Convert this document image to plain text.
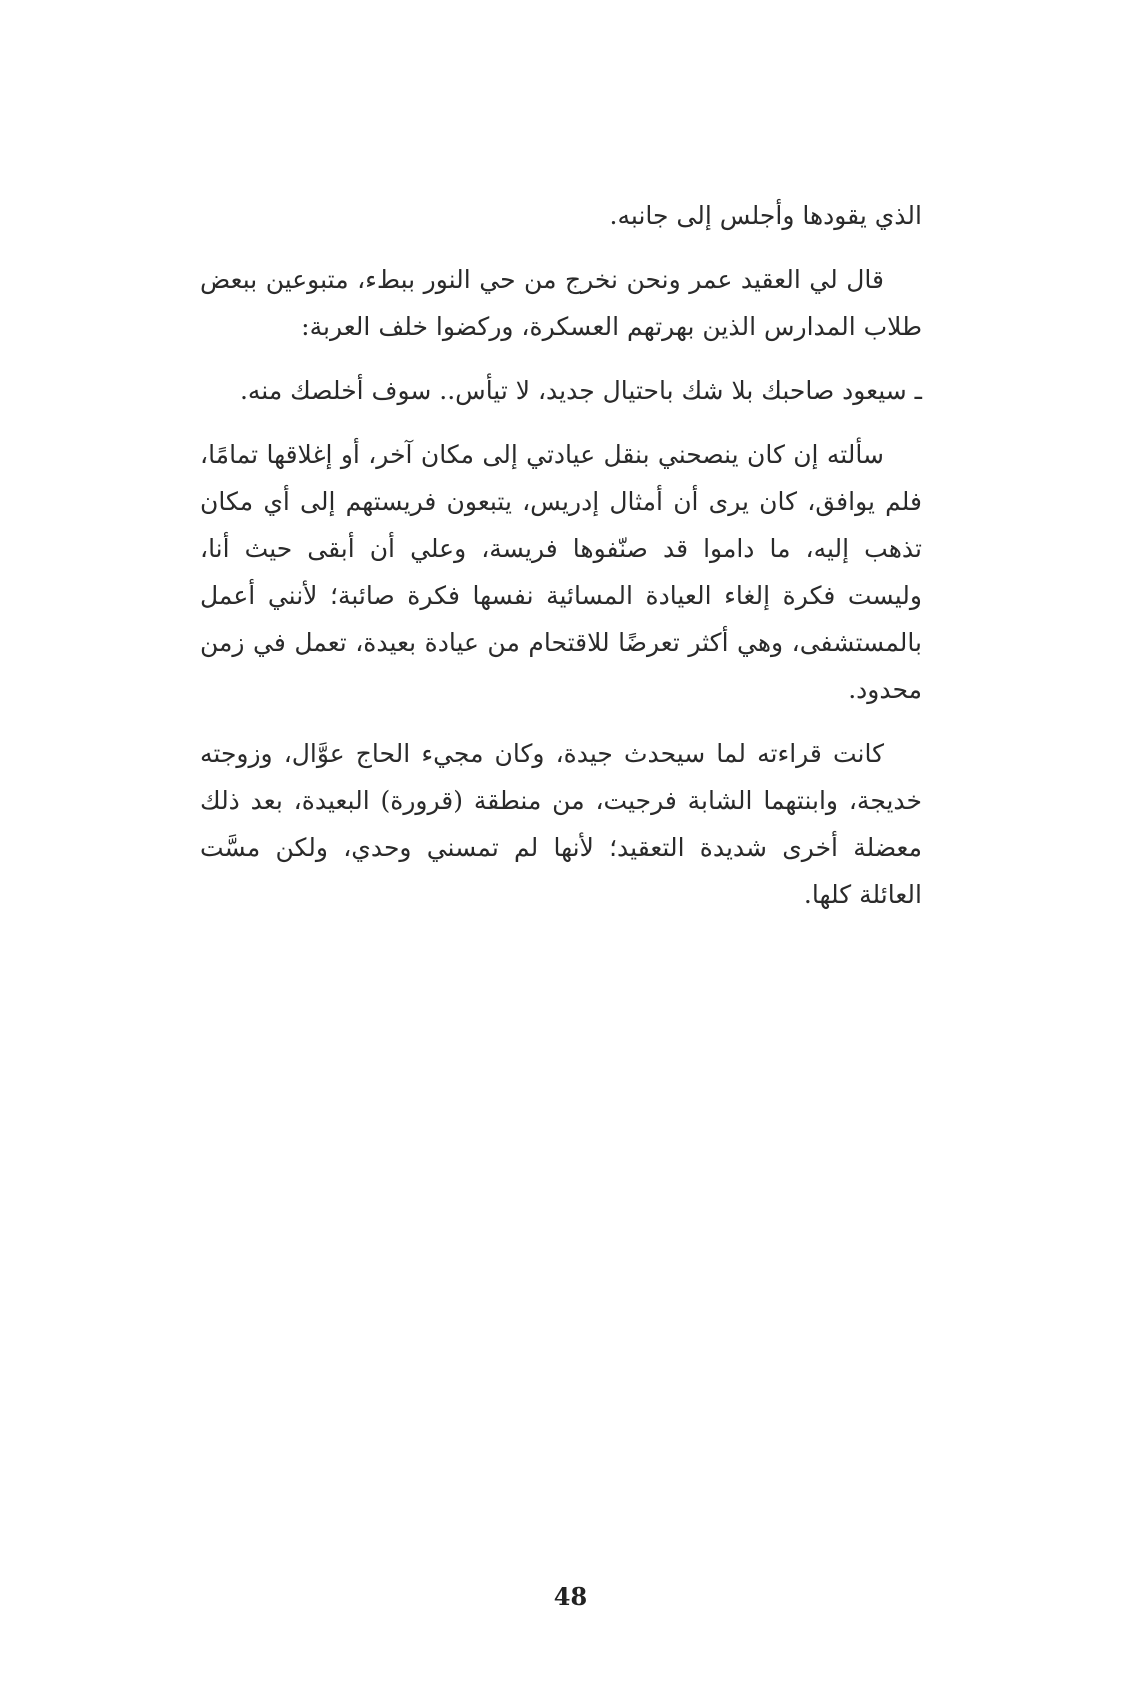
الذي يقودها وأجلس إلى جانبه.

قال لي العقيد عمر ونحن نخرج من حي النور ببطء، متبوعين ببعض طلاب المدارس الذين بهرتهم العسكرة، وركضوا خلف العربة:

ـ سيعود صاحبك بلا شك باحتيال جديد، لا تيأس.. سوف أخلصك منه.

سألته إن كان ينصحني بنقل عيادتي إلى مكان آخر، أو إغلاقها تمامًا، فلم يوافق، كان يرى أن أمثال إدريس، يتبعون فريستهم إلى أي مكان تذهب إليه، ما داموا قد صنّفوها فريسة، وعلي أن أبقى حيث أنا، وليست فكرة إلغاء العيادة المسائية نفسها فكرة صائبة؛ لأنني أعمل بالمستشفى، وهي أكثر تعرضًا للاقتحام من عيادة بعيدة، تعمل في زمن محدود.

كانت قراءته لما سيحدث جيدة، وكان مجيء الحاج عوَّال، وزوجته خديجة، وابنتهما الشابة فرجيت، من منطقة (قرورة) البعيدة، بعد ذلك معضلة أخرى شديدة التعقيد؛ لأنها لم تمسني وحدي، ولكن مسَّت العائلة كلها.

48
